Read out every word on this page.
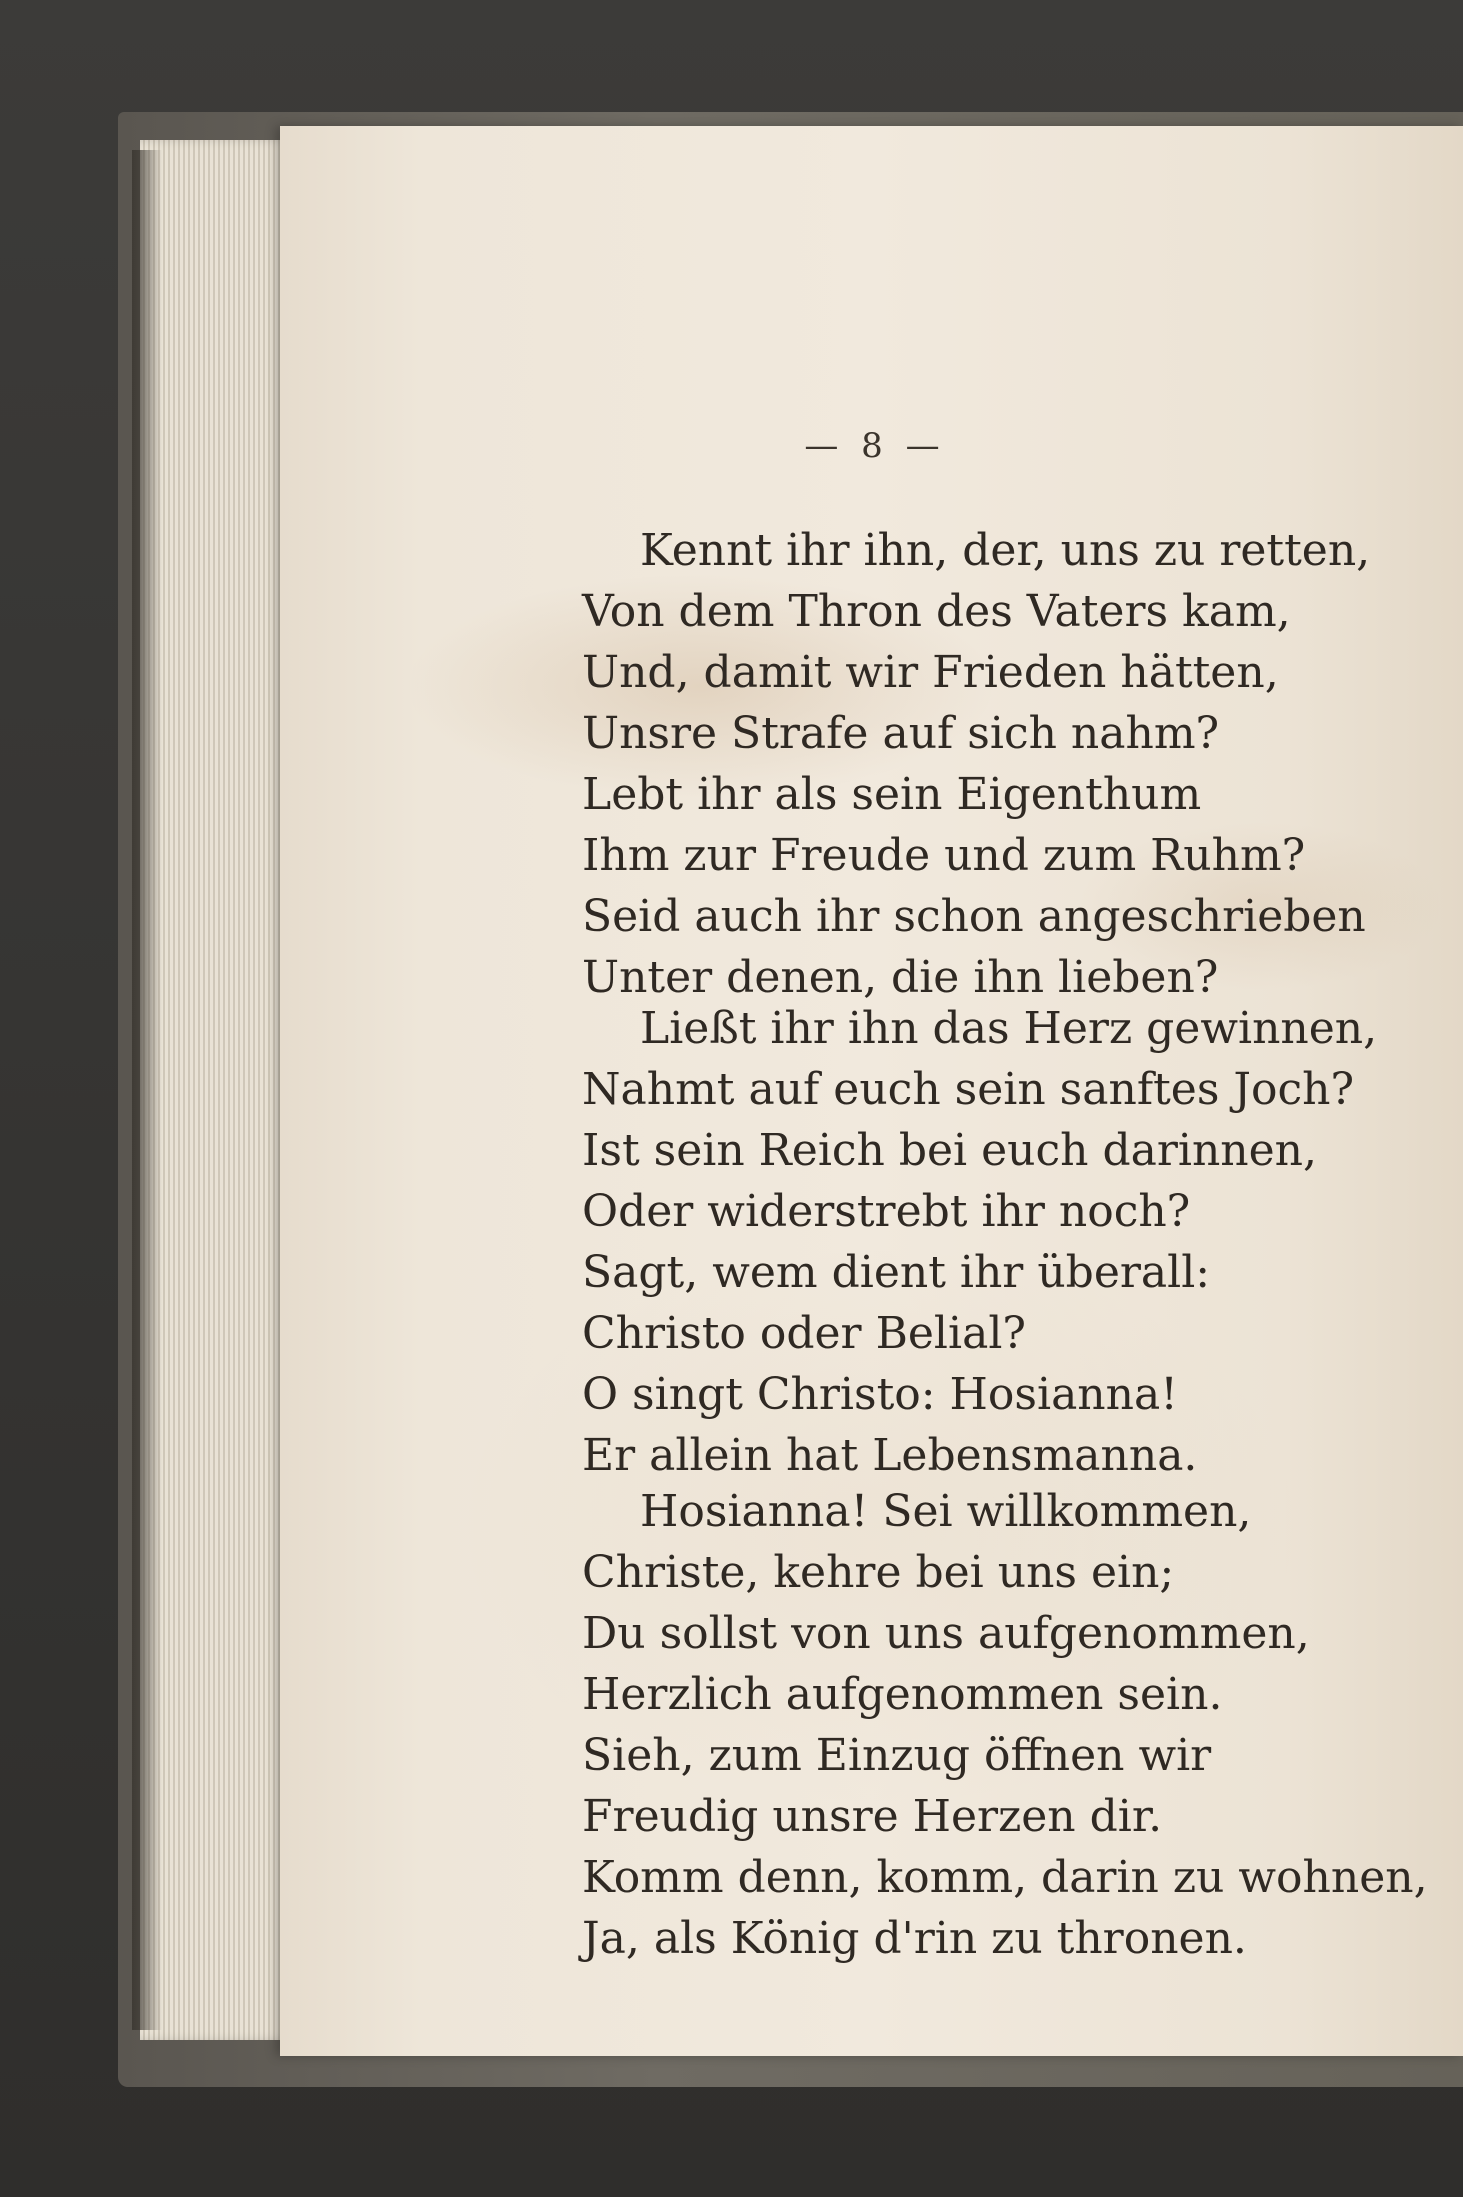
— 8 —
Kennt ihr ihn, der, uns zu retten,
Von dem Thron des Vaters kam,
Und, damit wir Frieden hätten,
Unsre Strafe auf sich nahm?
Lebt ihr als sein Eigenthum
Ihm zur Freude und zum Ruhm?
Seid auch ihr schon angeschrieben
Unter denen, die ihn lieben?
Ließt ihr ihn das Herz gewinnen,
Nahmt auf euch sein sanftes Joch?
Ist sein Reich bei euch darinnen,
Oder widerstrebt ihr noch?
Sagt, wem dient ihr überall:
Christo oder Belial?
O singt Christo: Hosianna!
Er allein hat Lebensmanna.
Hosianna! Sei willkommen,
Christe, kehre bei uns ein;
Du sollst von uns aufgenommen,
Herzlich aufgenommen sein.
Sieh, zum Einzug öffnen wir
Freudig unsre Herzen dir.
Komm denn, komm, darin zu wohnen,
Ja, als König d'rin zu thronen.
